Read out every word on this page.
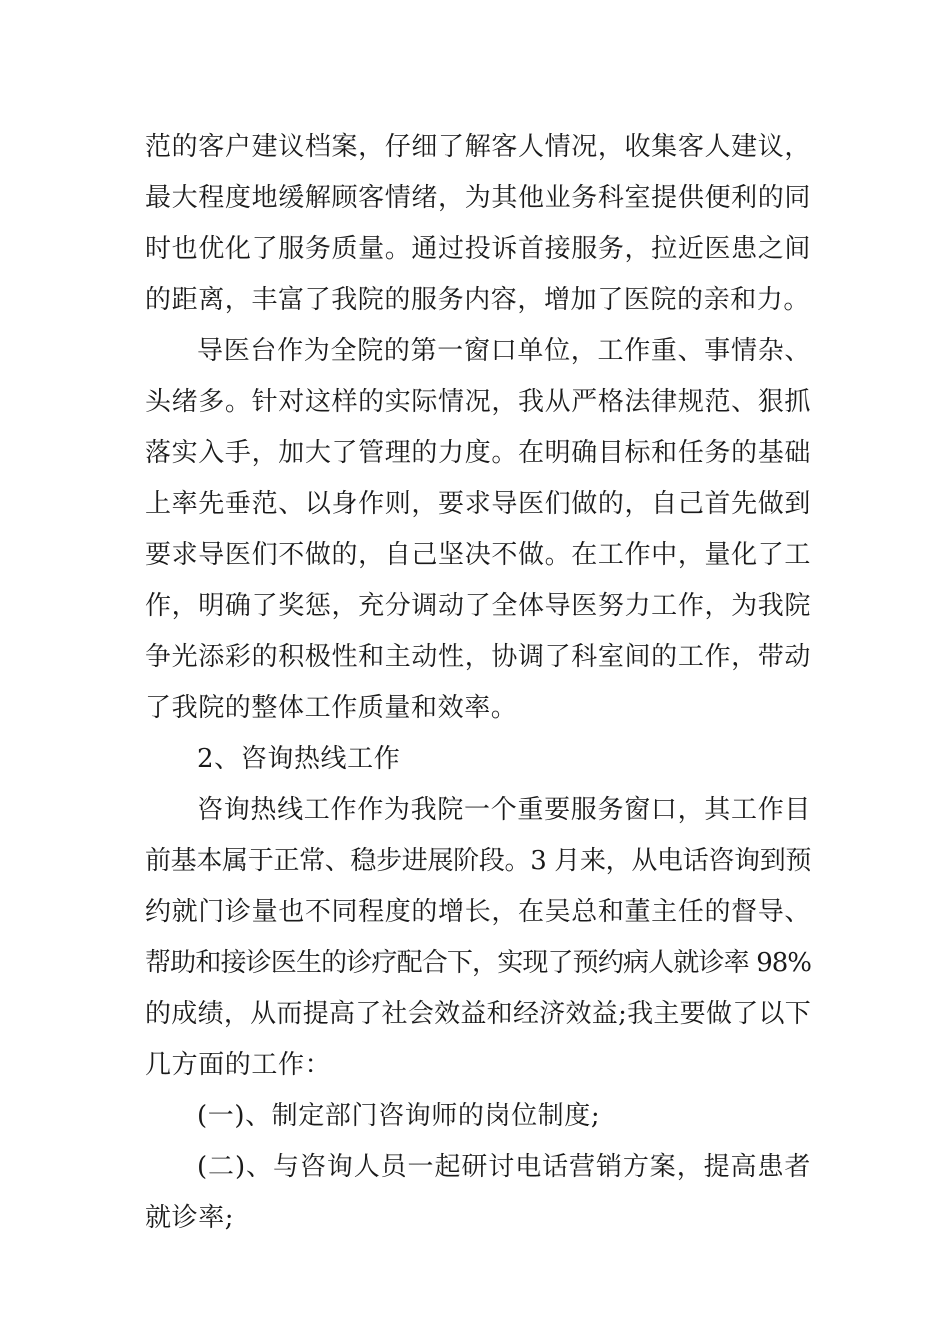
范的客户建议档案，仔细了解客人情况，收集客人建议，
最大程度地缓解顾客情绪，为其他业务科室提供便利的同
时也优化了服务质量。通过投诉首接服务，拉近医患之间
的距离，丰富了我院的服务内容，增加了医院的亲和力。
导医台作为全院的第一窗口单位，工作重、事情杂、
头绪多。针对这样的实际情况，我从严格法律规范、狠抓
落实入手，加大了管理的力度。在明确目标和任务的基础
上率先垂范、以身作则，要求导医们做的，自己首先做到
要求导医们不做的，自己坚决不做。在工作中，量化了工
作，明确了奖惩，充分调动了全体导医努力工作，为我院
争光添彩的积极性和主动性，协调了科室间的工作，带动
了我院的整体工作质量和效率。
2、咨询热线工作
咨询热线工作作为我院一个重要服务窗口，其工作目
前基本属于正常、稳步进展阶段。3 月来，从电话咨询到预
约就门诊量也不同程度的增长，在吴总和董主任的督导、
帮助和接诊医生的诊疗配合下，实现了预约病人就诊率 98%
的成绩，从而提高了社会效益和经济效益;我主要做了以下
几方面的工作：
(一)、制定部门咨询师的岗位制度;
(二)、与咨询人员一起研讨电话营销方案，提高患者
就诊率;
